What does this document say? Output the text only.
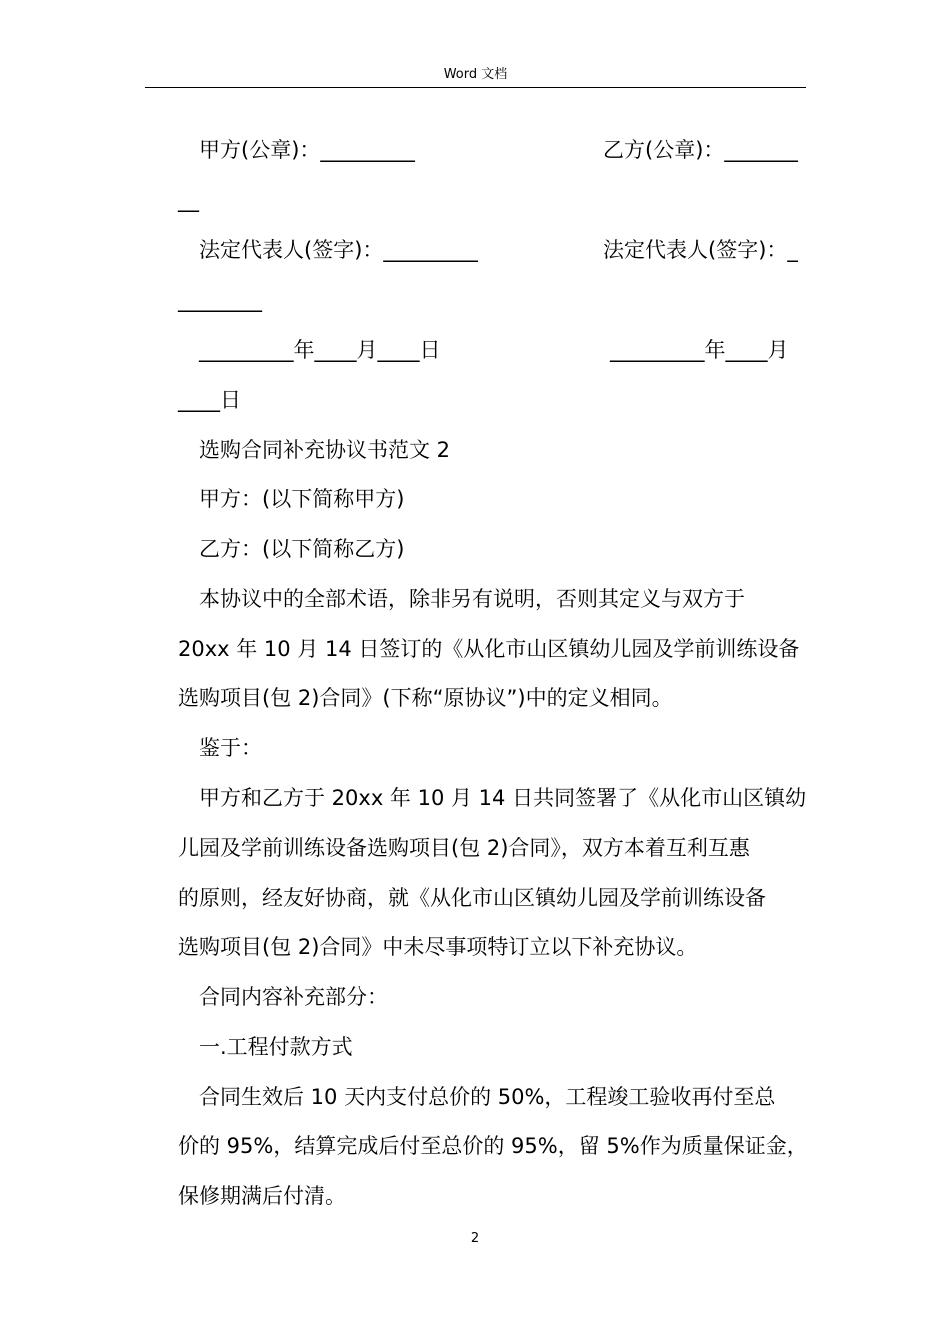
Word 文档
甲方(公章)：_________	乙方(公章)：_______
__
法定代表人(签字)：_________	法定代表人(签字)：_
________
_________年____月____日	_________年____月
____日
选购合同补充协议书范文 2
甲方：(以下简称甲方)
乙方：(以下简称乙方)
本协议中的全部术语，除非另有说明，否则其定义与双方于
20xx 年 10 月 14 日签订的《从化市山区镇幼儿园及学前训练设备
选购项目(包 2)合同》(下称“原协议”)中的定义相同。
鉴于：
甲方和乙方于 20xx 年 10 月 14 日共同签署了《从化市山区镇幼
儿园及学前训练设备选购项目(包 2)合同》，双方本着互利互惠
的原则，经友好协商，就《从化市山区镇幼儿园及学前训练设备
选购项目(包 2)合同》中未尽事项特订立以下补充协议。
合同内容补充部分：
一.工程付款方式
合同生效后 10 天内支付总价的 50%，工程竣工验收再付至总
价的 95%，结算完成后付至总价的 95%，留 5%作为质量保证金，
保修期满后付清。
2
